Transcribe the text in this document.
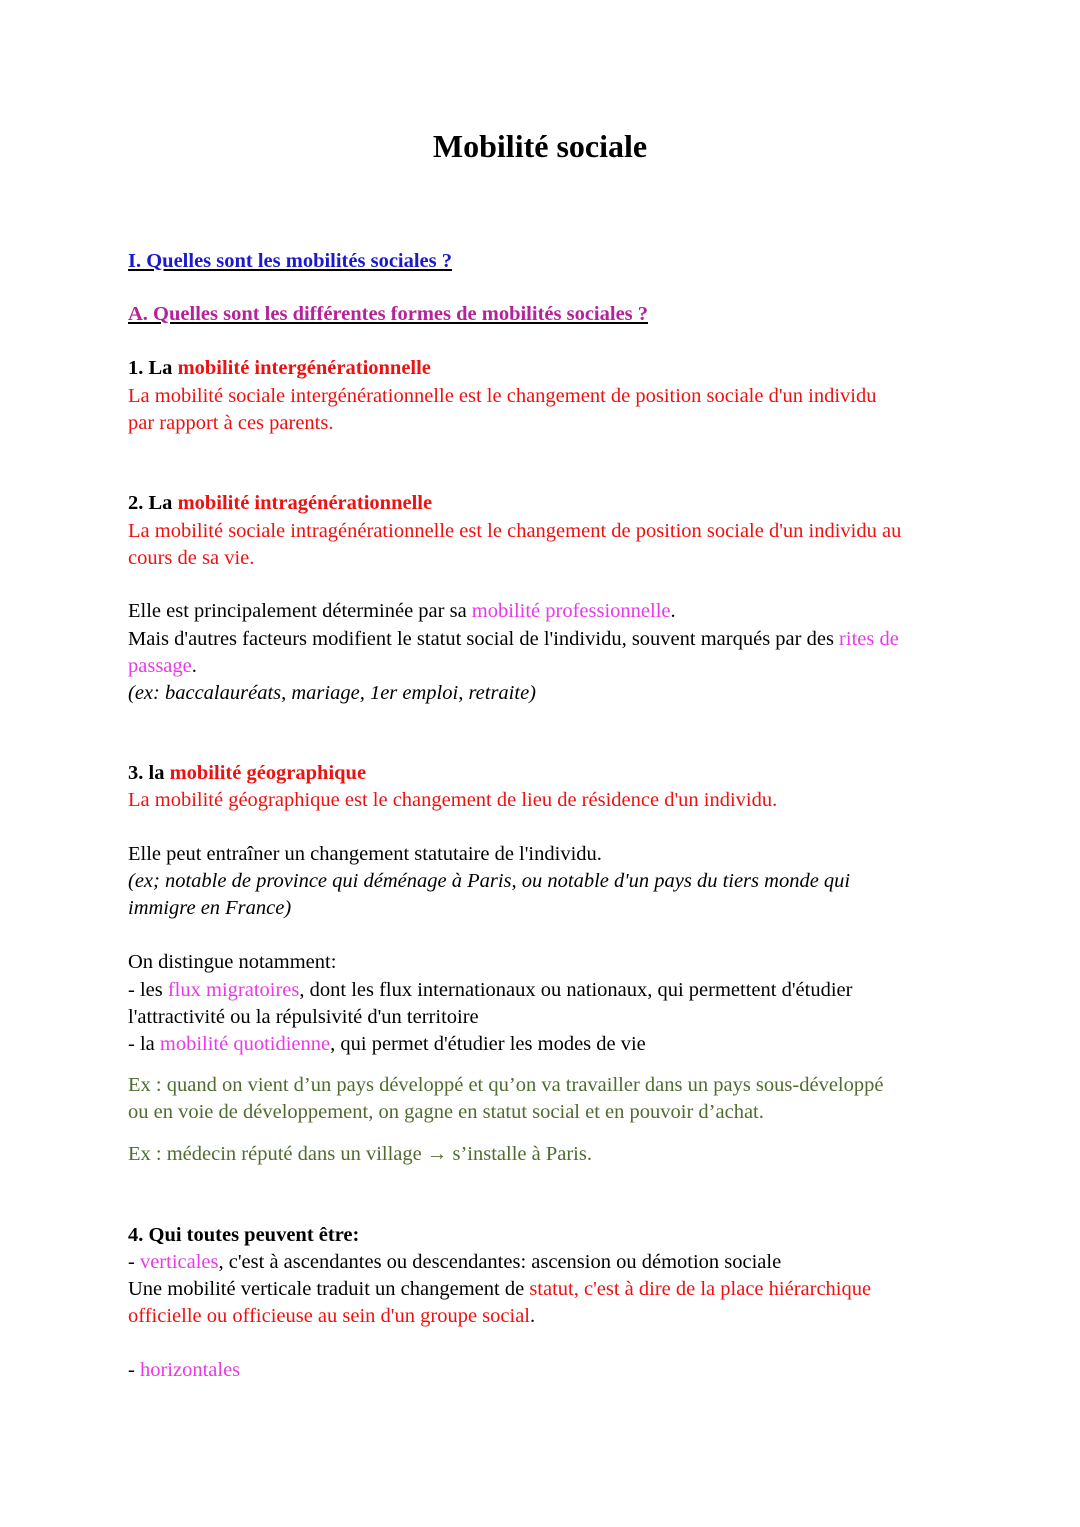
Mobilité sociale
I. Quelles sont les mobilités sociales ?
A. Quelles sont les différentes formes de mobilités sociales ?
1. La mobilité intergénérationnelle
La mobilité sociale intergénérationnelle est le changement de position sociale d'un individu
par rapport à ces parents.
2. La mobilité intragénérationnelle
La mobilité sociale intragénérationnelle est le changement de position sociale d'un individu au
cours de sa vie.
Elle est principalement déterminée par sa mobilité professionnelle.
Mais d'autres facteurs modifient le statut social de l'individu, souvent marqués par des rites de
passage.
(ex: baccalauréats, mariage, 1er emploi, retraite)
3. la mobilité géographique
La mobilité géographique est le changement de lieu de résidence d'un individu.
Elle peut entraîner un changement statutaire de l'individu.
(ex; notable de province qui déménage à Paris, ou notable d'un pays du tiers monde qui
immigre en France)
On distingue notamment:
- les flux migratoires, dont les flux internationaux ou nationaux, qui permettent d'étudier
l'attractivité ou la répulsivité d'un territoire
- la mobilité quotidienne, qui permet d'étudier les modes de vie
Ex : quand on vient d’un pays développé et qu’on va travailler dans un pays sous-développé
ou en voie de développement, on gagne en statut social et en pouvoir d’achat.
Ex : médecin réputé dans un village → s’installe à Paris.
4. Qui toutes peuvent être:
- verticales, c'est à ascendantes ou descendantes: ascension ou démotion sociale
Une mobilité verticale traduit un changement de statut, c'est à dire de la place hiérarchique
officielle ou officieuse au sein d'un groupe social.
- horizontales
